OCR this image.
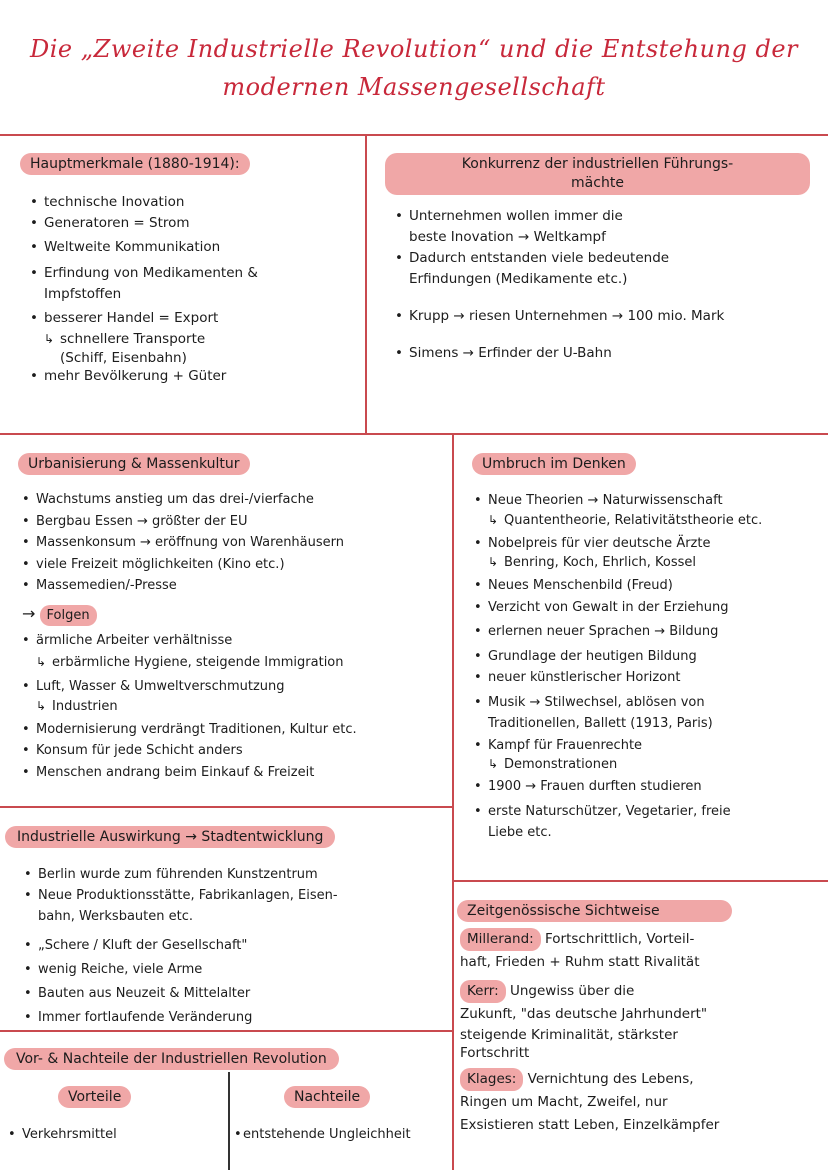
Die „Zweite Industrielle Revolution“ und die Entstehung der
modernen Massengesellschaft
Hauptmerkmale (1880-1914):
• technische Inovation
• Generatoren = Strom
• Weltweite Kommunikation
• Erfindung von Medikamenten &
Impfstoffen
• besserer Handel = Export
↳ schnellere Transporte
(Schiff, Eisenbahn)
• mehr Bevölkerung + Güter
Konkurrenz der industriellen Führungs-
mächte
• Unternehmen wollen immer die
beste Inovation → Weltkampf
• Dadurch entstanden viele bedeutende
Erfindungen (Medikamente etc.)
• Krupp → riesen Unternehmen → 100 mio. Mark
• Simens → Erfinder der U-Bahn
Urbanisierung & Massenkultur
• Wachstums anstieg um das drei-/vierfache
• Bergbau Essen → größter der EU
• Massenkonsum → eröffnung von Warenhäusern
• viele Freizeit möglichkeiten (Kino etc.)
• Massemedien/-Presse
→ Folgen
• ärmliche Arbeiter verhältnisse
↳ erbärmliche Hygiene, steigende Immigration
• Luft, Wasser & Umweltverschmutzung
↳ Industrien
• Modernisierung verdrängt Traditionen, Kultur etc.
• Konsum für jede Schicht anders
• Menschen andrang beim Einkauf & Freizeit
Umbruch im Denken
• Neue Theorien → Naturwissenschaft
↳ Quantentheorie, Relativitätstheorie etc.
• Nobelpreis für vier deutsche Ärzte
↳ Benring, Koch, Ehrlich, Kossel
• Neues Menschenbild (Freud)
• Verzicht von Gewalt in der Erziehung
• erlernen neuer Sprachen → Bildung
• Grundlage der heutigen Bildung
• neuer künstlerischer Horizont
• Musik → Stilwechsel, ablösen von
Traditionellen, Ballett (1913, Paris)
• Kampf für Frauenrechte
↳ Demonstrationen
• 1900 → Frauen durften studieren
• erste Naturschützer, Vegetarier, freie
Liebe etc.
Industrielle Auswirkung → Stadtentwicklung
• Berlin wurde zum führenden Kunstzentrum
• Neue Produktionsstätte, Fabrikanlagen, Eisen-
bahn, Werksbauten etc.
• „Schere / Kluft der Gesellschaft"
• wenig Reiche, viele Arme
• Bauten aus Neuzeit & Mittelalter
• Immer fortlaufende Veränderung
Zeitgenössische Sichtweise
Millerand: Fortschrittlich, Vorteil-
haft, Frieden + Ruhm statt Rivalität
Kerr: Ungewiss über die
Zukunft, "das deutsche Jahrhundert"
steigende Kriminalität, stärkster
Fortschritt
Klages: Vernichtung des Lebens,
Ringen um Macht, Zweifel, nur
Exsistieren statt Leben, Einzelkämpfer
Vor- & Nachteile der Industriellen Revolution
Vorteile	Nachteile
• Verkehrsmittel	• entstehende Ungleichheit
